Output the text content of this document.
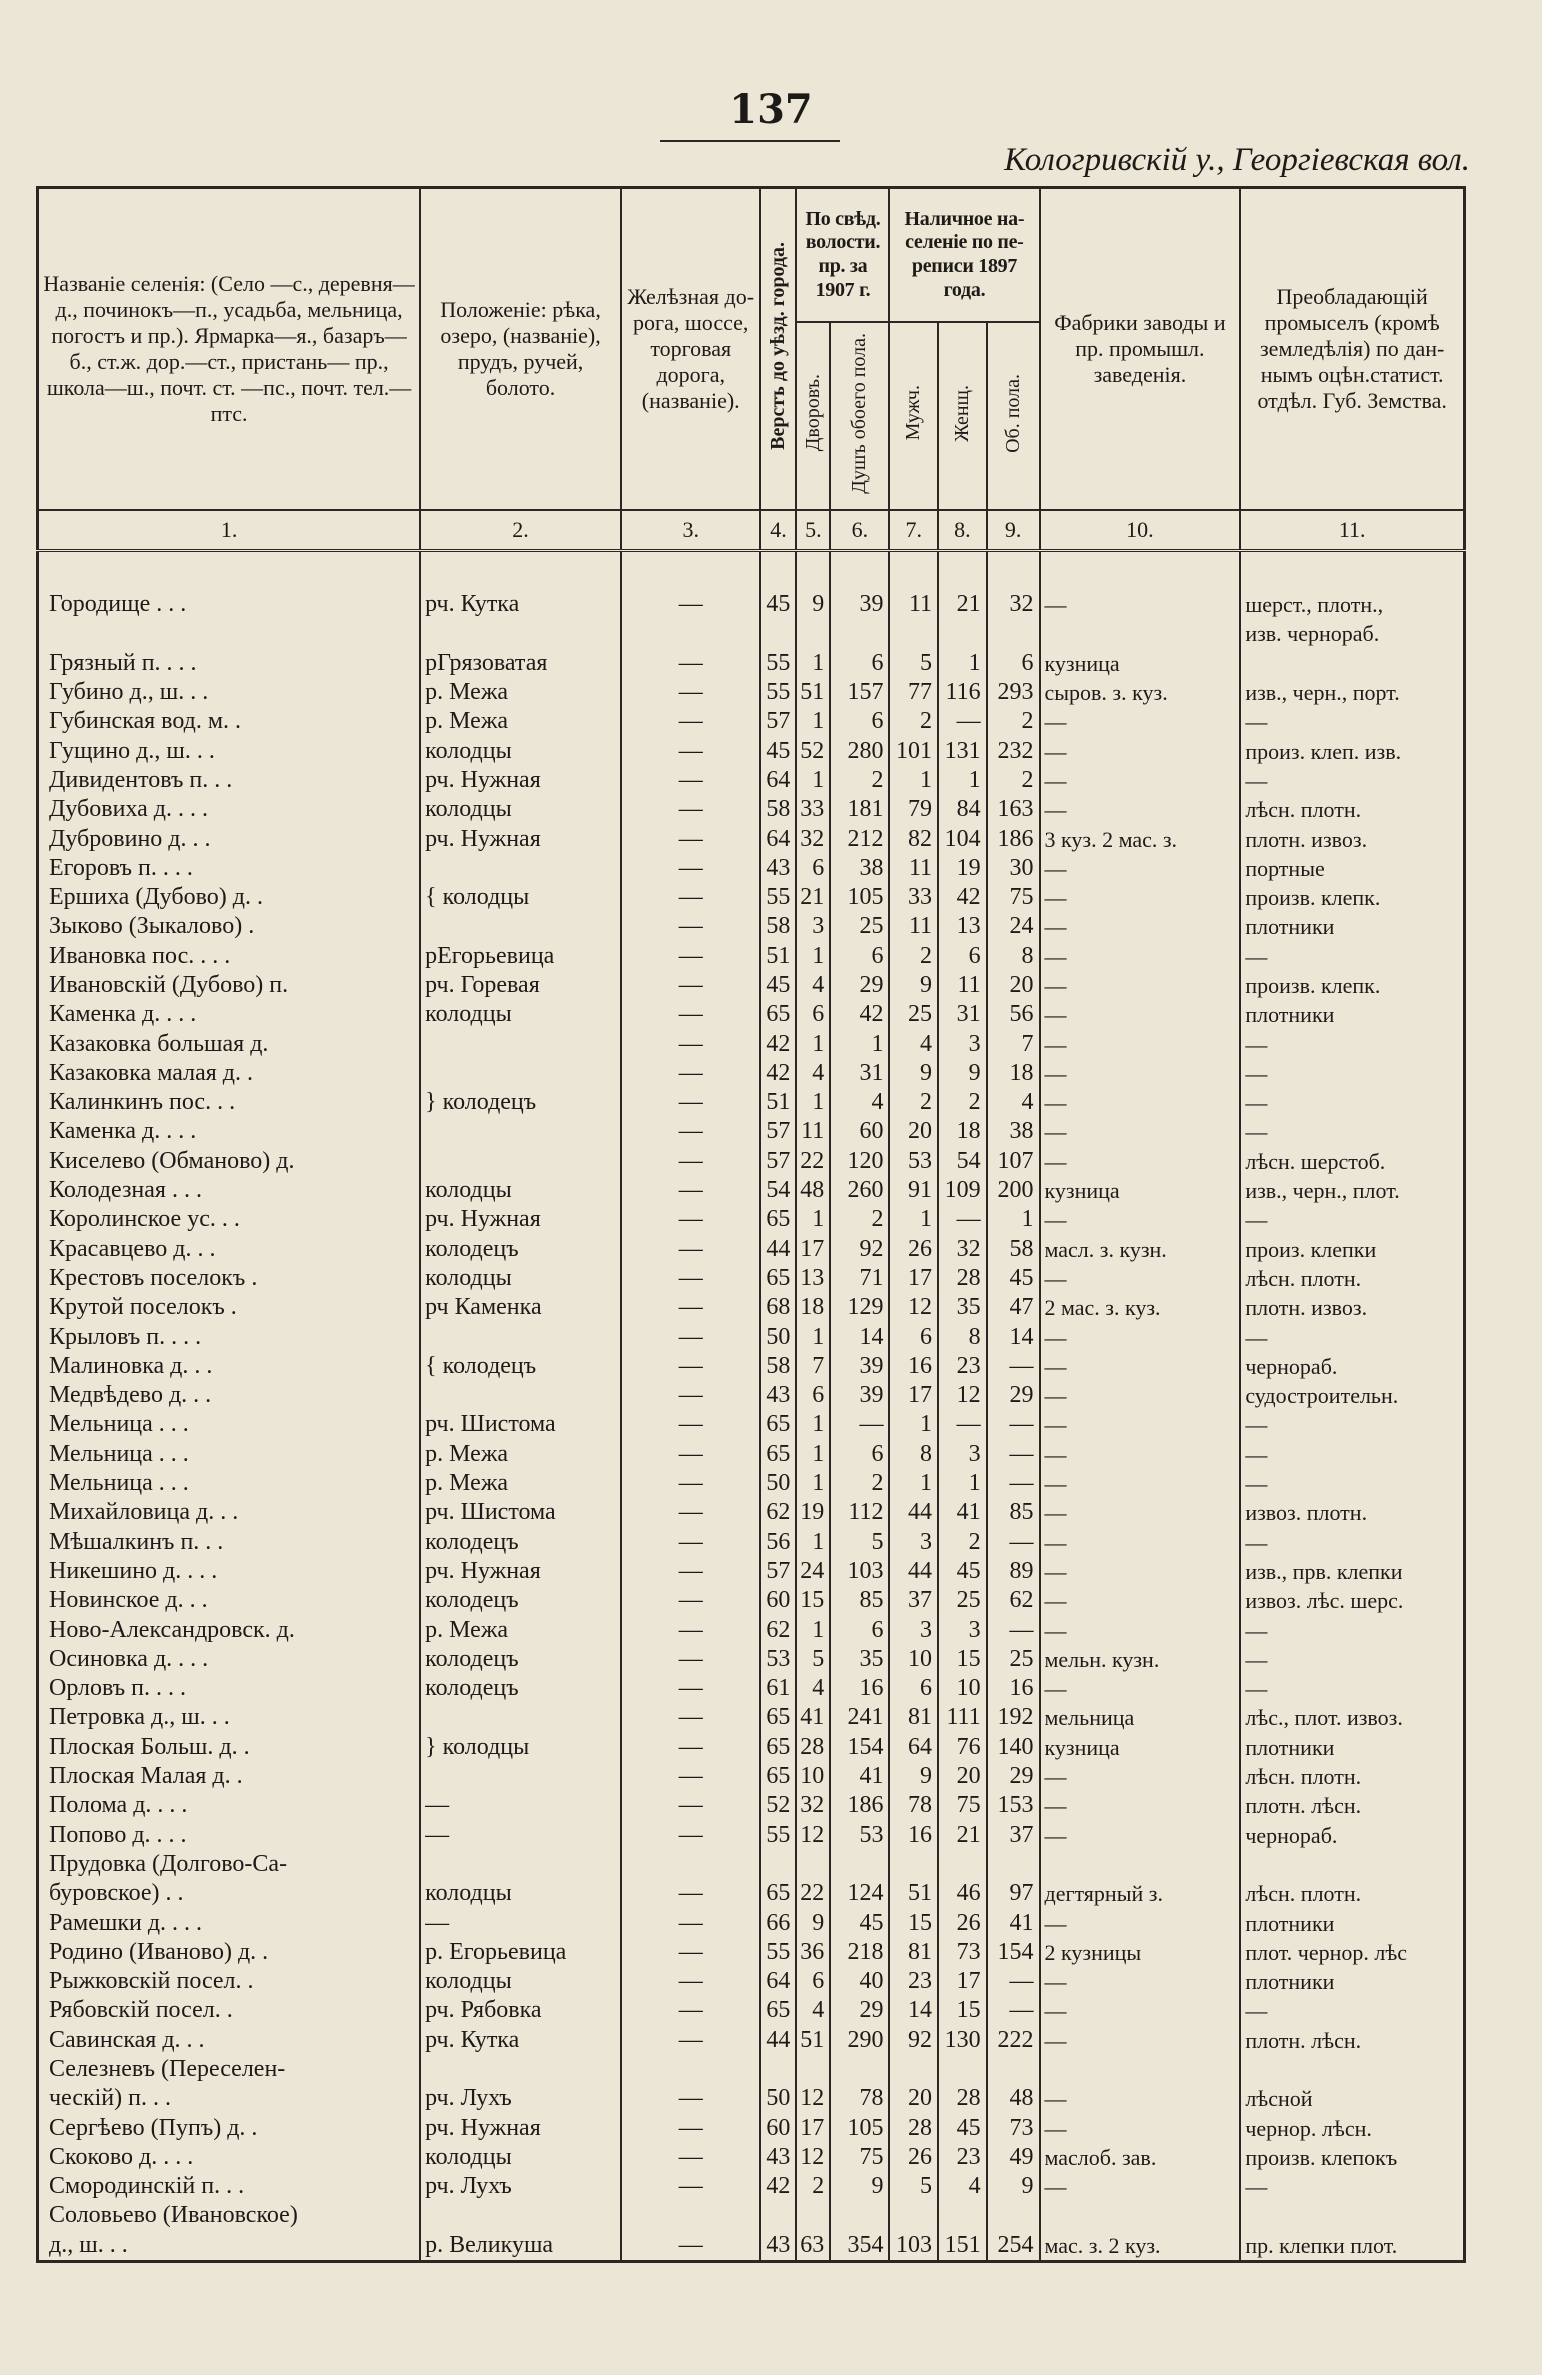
137
Кологривскій у., Георгіевская вол.
Названіе селенія: (Село —с., деревня—д., починокъ—п., усадьба, мельница, погостъ и пр.). Ярмарка—я., базаръ—б., ст.ж. дор.—ст., пристань— пр., школа—ш., почт. ст. —пс., почт. тел.—птс.	Положеніе: рѣка, озеро, (названіе), прудъ, ручей, болото.	Желѣзная дорога, шоссе, торговая дорога, (названіе).	Верстъ до уѣзд. города.	По свѣд. волости. пр. за 1907 г.		Наличное населеніе по переписи 1897 года.			Фабрики заводы и пр. промышл. заведенія.	Преобладающій промыселъ (кромѣ земледѣлія) по даннымъ оцѣн.статист. отдѣл. Губ. Земства.
				Дворовъ.	Душъ обоего пола.	Мужч.	Женщ.	Об. пола.		
1.	2.	3.	4.	5.	6.	7.	8.	9.	10.	11.

Городище . . .	рч. Кутка	—	45	9	39	11	21	32	—	шерст., плотн.,
										изв. чернораб.
Грязный п. . . .	рГрязоватая	—	55	1	6	5	1	6	кузница	
Губино д., ш. . .	р. Межа	—	55	51	157	77	116	293	сыров. з. куз.	изв., черн., порт.
Губинская вод. м. .	р. Межа	—	57	1	6	2	—	2	—	—
Гущино д., ш. . .	колодцы	—	45	52	280	101	131	232	—	произ. клеп. изв.
Дивидентовъ п. . .	рч. Нужная	—	64	1	2	1	1	2	—	—
Дубовиха д. . . .	колодцы	—	58	33	181	79	84	163	—	лѣсн. плотн.
Дубровино д. . .	рч. Нужная	—	64	32	212	82	104	186	3 куз. 2 мас. з.	плотн. извоз.
Егоровъ п. . . .		—	43	6	38	11	19	30	—	портные
Ершиха (Дубово) д. .	{ колодцы	—	55	21	105	33	42	75	—	произв. клепк.
Зыково (Зыкалово) .		—	58	3	25	11	13	24	—	плотники
Ивановка пос. . . .	рЕгорьевица	—	51	1	6	2	6	8	—	—
Ивановскій (Дубово) п.	рч. Горевая	—	45	4	29	9	11	20	—	произв. клепк.
Каменка д. . . .	колодцы	—	65	6	42	25	31	56	—	плотники
Казаковка большая д.		—	42	1	1	4	3	7	—	—
Казаковка малая д. .		—	42	4	31	9	9	18	—	—
Калинкинъ пос. . .	} колодецъ	—	51	1	4	2	2	4	—	—
Каменка д. . . .		—	57	11	60	20	18	38	—	—
Киселево (Обманово) д.		—	57	22	120	53	54	107	—	лѣсн. шерстоб.
Колодезная . . .	колодцы	—	54	48	260	91	109	200	кузница	изв., черн., плот.
Королинское ус. . .	рч. Нужная	—	65	1	2	1	—	1	—	—
Красавцево д. . .	колодецъ	—	44	17	92	26	32	58	масл. з. кузн.	произ. клепки
Крестовъ поселокъ .	колодцы	—	65	13	71	17	28	45	—	лѣсн. плотн.
Крутой поселокъ .	рч Каменка	—	68	18	129	12	35	47	2 мас. з. куз.	плотн. извоз.
Крыловъ п. . . .		—	50	1	14	6	8	14	—	—
Малиновка д. . .	{ колодецъ	—	58	7	39	16	23	—	—	чернораб.
Медвѣдево д. . .		—	43	6	39	17	12	29	—	судостроительн.
Мельница . . .	рч. Шистома	—	65	1	—	1	—	—	—	—
Мельница . . .	р. Межа	—	65	1	6	8	3	—	—	—
Мельница . . .	р. Межа	—	50	1	2	1	1	—	—	—
Михайловица д. . .	рч. Шистома	—	62	19	112	44	41	85	—	извоз. плотн.
Мѣшалкинъ п. . .	колодецъ	—	56	1	5	3	2	—	—	—
Никешино д. . . .	рч. Нужная	—	57	24	103	44	45	89	—	изв., прв. клепки
Новинское д. . .	колодецъ	—	60	15	85	37	25	62	—	извоз. лѣс. шерс.
Ново-Александровск. д.	р. Межа	—	62	1	6	3	3	—	—	—
Осиновка д. . . .	колодецъ	—	53	5	35	10	15	25	мельн. кузн.	—
Орловъ п. . . .	колодецъ	—	61	4	16	6	10	16	—	—
Петровка д., ш. . .		—	65	41	241	81	111	192	мельница	лѣс., плот. извоз.
Плоская Больш. д. .	} колодцы	—	65	28	154	64	76	140	кузница	плотники
Плоская Малая д. .		—	65	10	41	9	20	29	—	лѣсн. плотн.
Полома д. . . .	—	—	52	32	186	78	75	153	—	плотн. лѣсн.
Попово д. . . .	—	—	55	12	53	16	21	37	—	чернораб.
Прудовка (Долгово-Са-										
буровское) . .	колодцы	—	65	22	124	51	46	97	дегтярный з.	лѣсн. плотн.
Рамешки д. . . .	—	—	66	9	45	15	26	41	—	плотники
Родино (Иваново) д. .	р. Егорьевица	—	55	36	218	81	73	154	2 кузницы	плот. чернор. лѣс
Рыжковскій посел. .	колодцы	—	64	6	40	23	17	—	—	плотники
Рябовскій посел. .	рч. Рябовка	—	65	4	29	14	15	—	—	—
Савинская д. . .	рч. Кутка	—	44	51	290	92	130	222	—	плотн. лѣсн.
Селезневъ (Переселен-										
ческій) п. . .	рч. Лухъ	—	50	12	78	20	28	48	—	лѣсной
Сергѣево (Пупъ) д. .	рч. Нужная	—	60	17	105	28	45	73	—	чернор. лѣсн.
Скоково д. . . .	колодцы	—	43	12	75	26	23	49	маслоб. зав.	произв. клепокъ
Смородинскій п. . .	рч. Лухъ	—	42	2	9	5	4	9	—	—
Соловьево (Ивановское)										
д., ш. . .	р. Великуша	—	43	63	354	103	151	254	мас. з. 2 куз.	пр. клепки плот.
